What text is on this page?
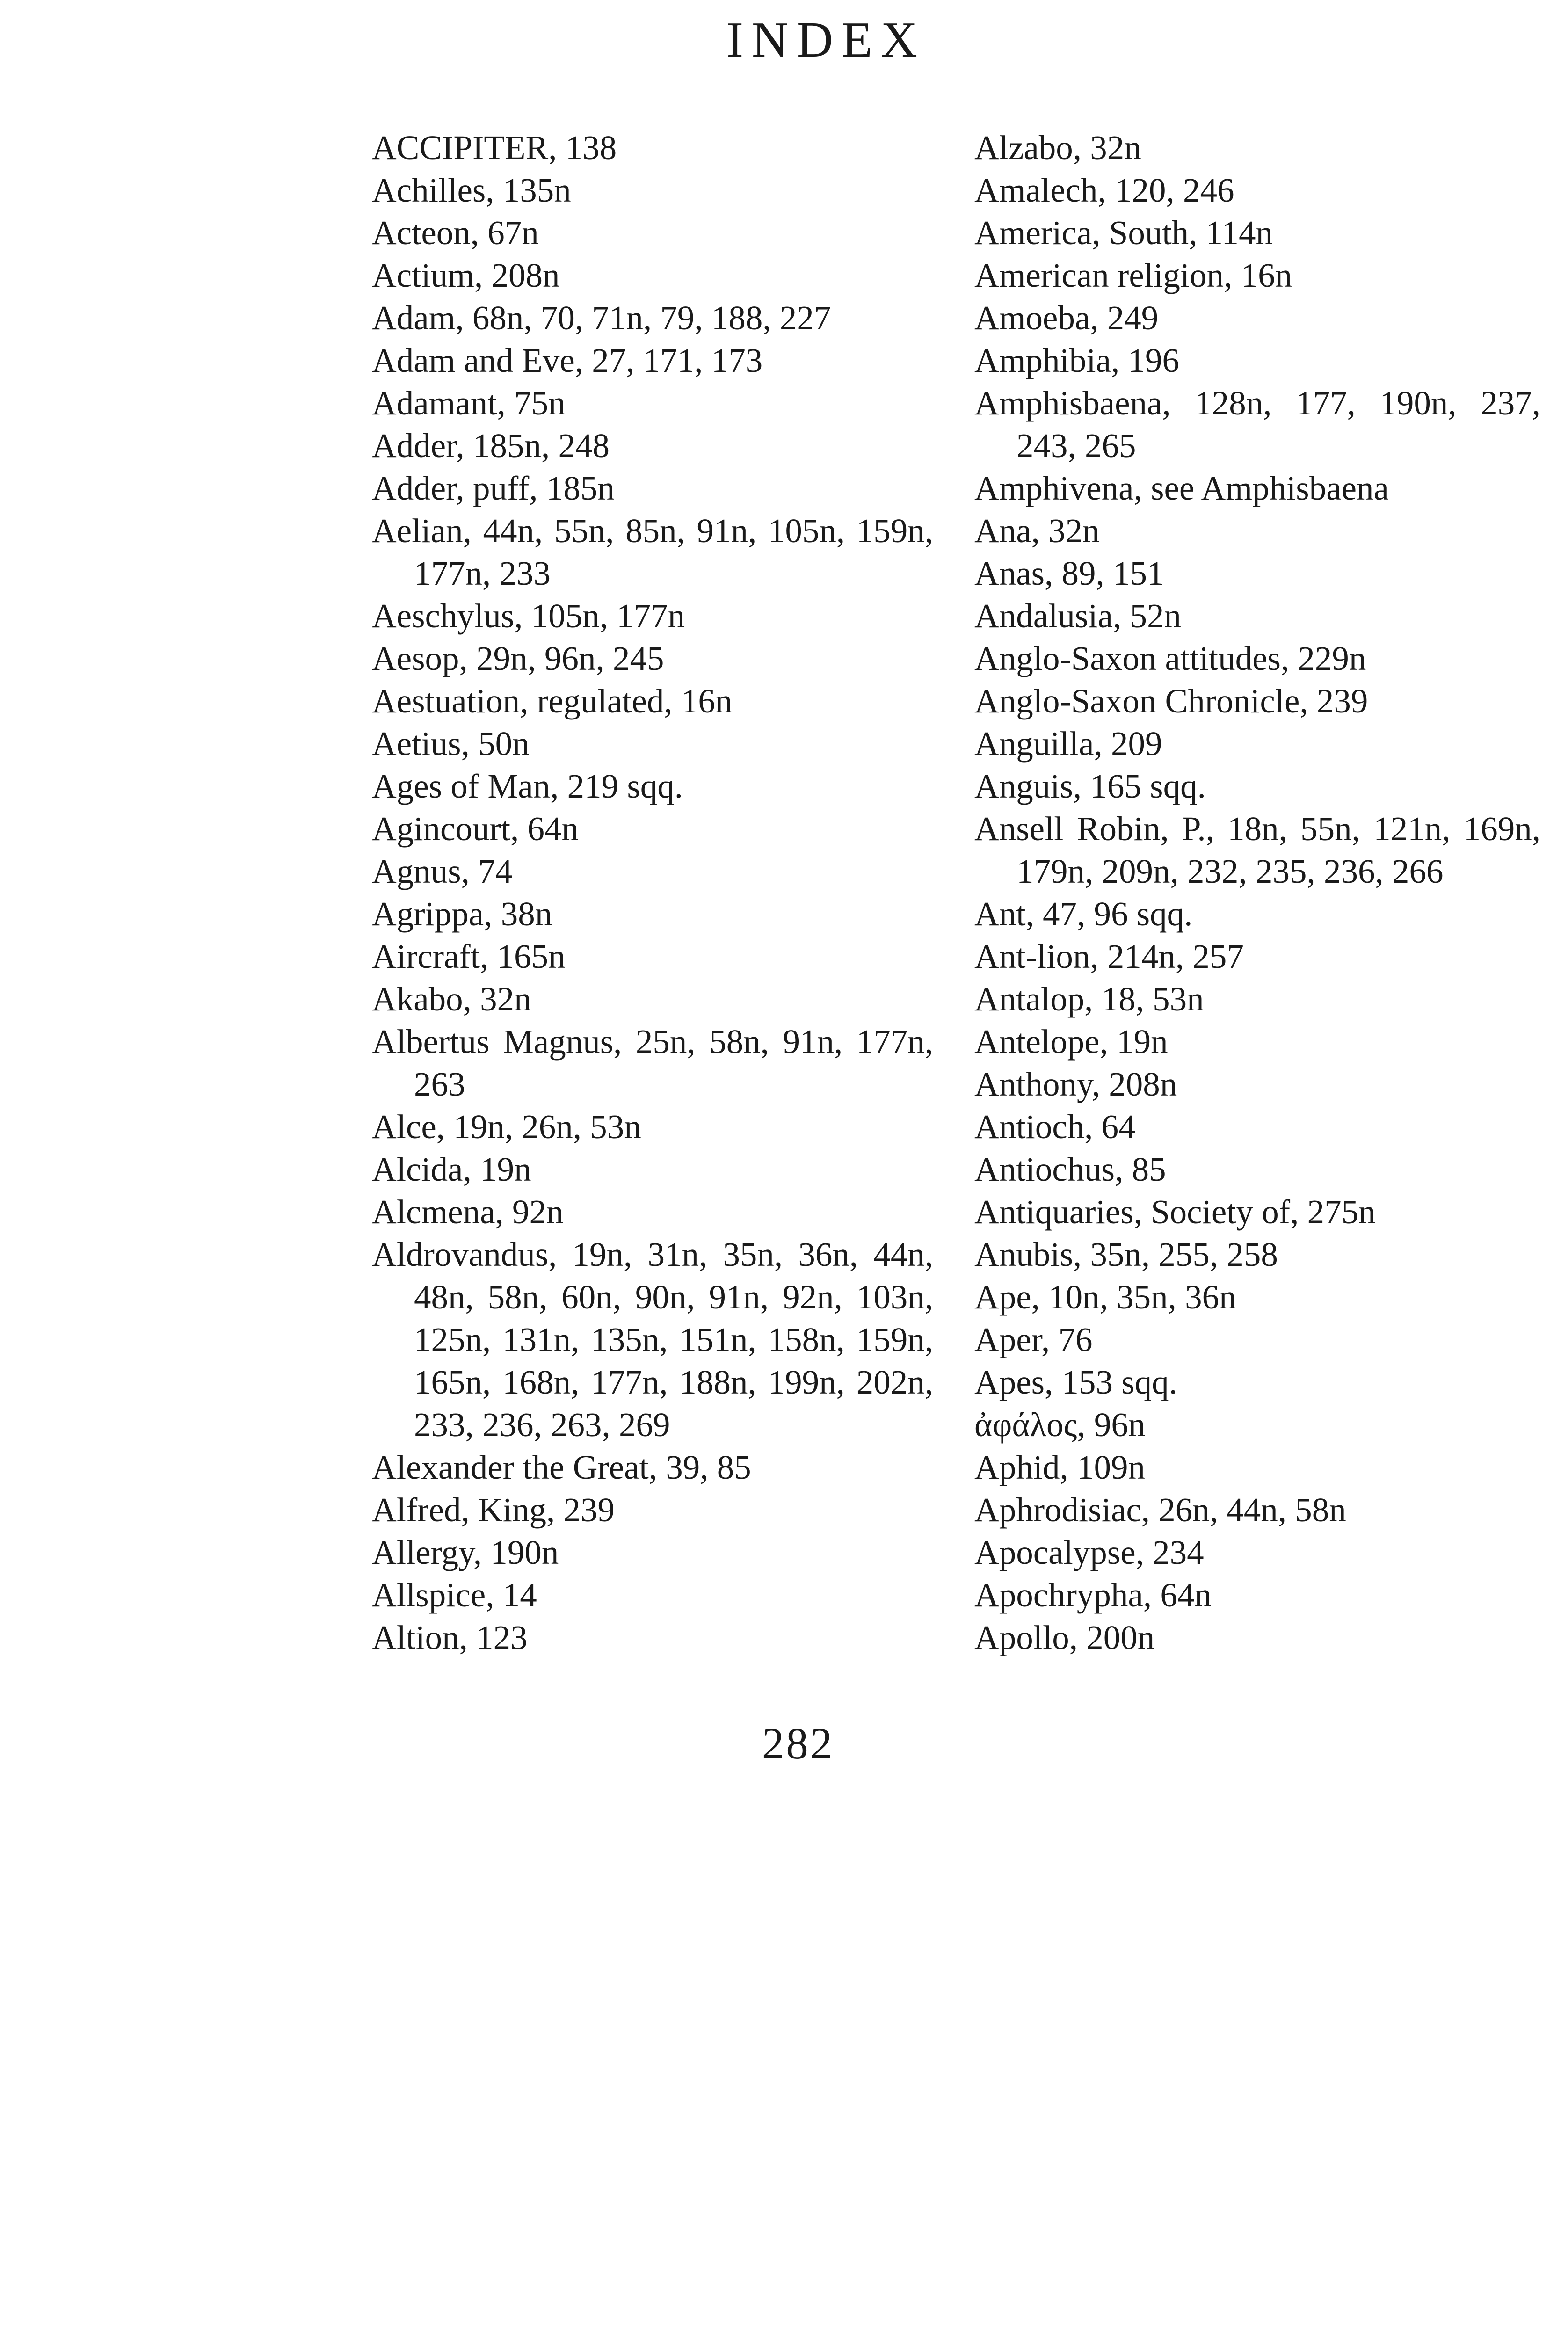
INDEX
ACCIPITER, 138
Achilles, 135n
Acteon, 67n
Actium, 208n
Adam, 68n, 70, 71n, 79, 188, 227
Adam and Eve, 27, 171, 173
Adamant, 75n
Adder, 185n, 248
Adder, puff, 185n
Aelian, 44n, 55n, 85n, 91n, 105n, 159n, 177n, 233
Aeschylus, 105n, 177n
Aesop, 29n, 96n, 245
Aestuation, regulated, 16n
Aetius, 50n
Ages of Man, 219 sqq.
Agincourt, 64n
Agnus, 74
Agrippa, 38n
Aircraft, 165n
Akabo, 32n
Albertus Magnus, 25n, 58n, 91n, 177n, 263
Alce, 19n, 26n, 53n
Alcida, 19n
Alcmena, 92n
Aldrovandus, 19n, 31n, 35n, 36n, 44n, 48n, 58n, 60n, 90n, 91n, 92n, 103n, 125n, 131n, 135n, 151n, 158n, 159n, 165n, 168n, 177n, 188n, 199n, 202n, 233, 236, 263, 269
Alexander the Great, 39, 85
Alfred, King, 239
Allergy, 190n
Allspice, 14
Altion, 123
Alzabo, 32n
Amalech, 120, 246
America, South, 114n
American religion, 16n
Amoeba, 249
Amphibia, 196
Amphisbaena, 128n, 177, 190n, 237, 243, 265
Amphivena, see Amphisbaena
Ana, 32n
Anas, 89, 151
Andalusia, 52n
Anglo-Saxon attitudes, 229n
Anglo-Saxon Chronicle, 239
Anguilla, 209
Anguis, 165 sqq.
Ansell Robin, P., 18n, 55n, 121n, 169n, 179n, 209n, 232, 235, 236, 266
Ant, 47, 96 sqq.
Ant-lion, 214n, 257
Antalop, 18, 53n
Antelope, 19n
Anthony, 208n
Antioch, 64
Antiochus, 85
Antiquaries, Society of, 275n
Anubis, 35n, 255, 258
Ape, 10n, 35n, 36n
Aper, 76
Apes, 153 sqq.
ἀφάλος, 96n
Aphid, 109n
Aphrodisiac, 26n, 44n, 58n
Apocalypse, 234
Apochrypha, 64n
Apollo, 200n
282
